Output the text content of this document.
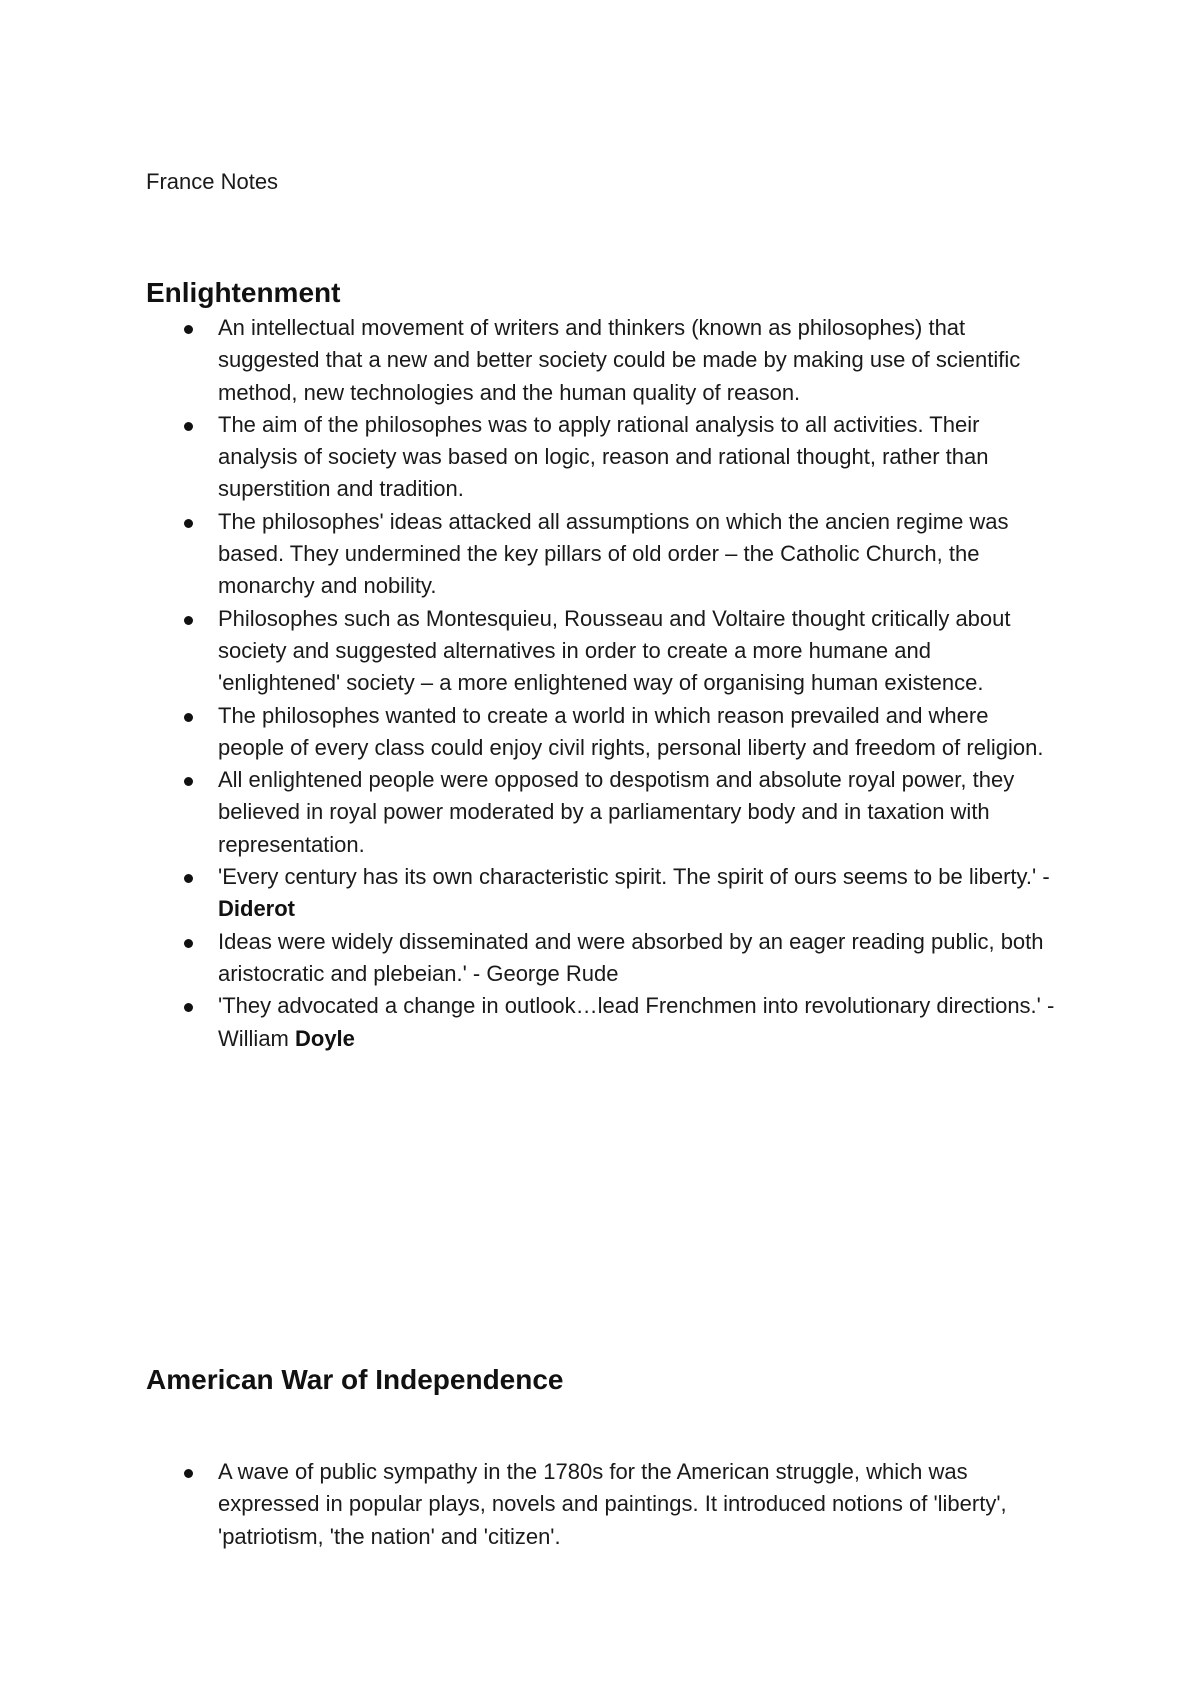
France Notes

Enlightenment
An intellectual movement of writers and thinkers (known as philosophes) that suggested that a new and better society could be made by making use of scientific method, new technologies and the human quality of reason.
The aim of the philosophes was to apply rational analysis to all activities. Their analysis of society was based on logic, reason and rational thought, rather than superstition and tradition.
The philosophes' ideas attacked all assumptions on which the ancien regime was based. They undermined the key pillars of old order – the Catholic Church, the monarchy and nobility.
Philosophes such as Montesquieu, Rousseau and Voltaire thought critically about society and suggested alternatives in order to create a more humane and 'enlightened' society – a more enlightened way of organising human existence.
The philosophes wanted to create a world in which reason prevailed and where people of every class could enjoy civil rights, personal liberty and freedom of religion.
All enlightened people were opposed to despotism and absolute royal power, they believed in royal power moderated by a parliamentary body and in taxation with representation.
'Every century has its own characteristic spirit. The spirit of ours seems to be liberty.' - Diderot
Ideas were widely disseminated and were absorbed by an eager reading public, both aristocratic and plebeian.' - George Rude
'They advocated a change in outlook…lead Frenchmen into revolutionary directions.' - William Doyle
American War of Independence
A wave of public sympathy in the 1780s for the American struggle, which was expressed in popular plays, novels and paintings. It introduced notions of 'liberty', 'patriotism, 'the nation' and 'citizen'.
